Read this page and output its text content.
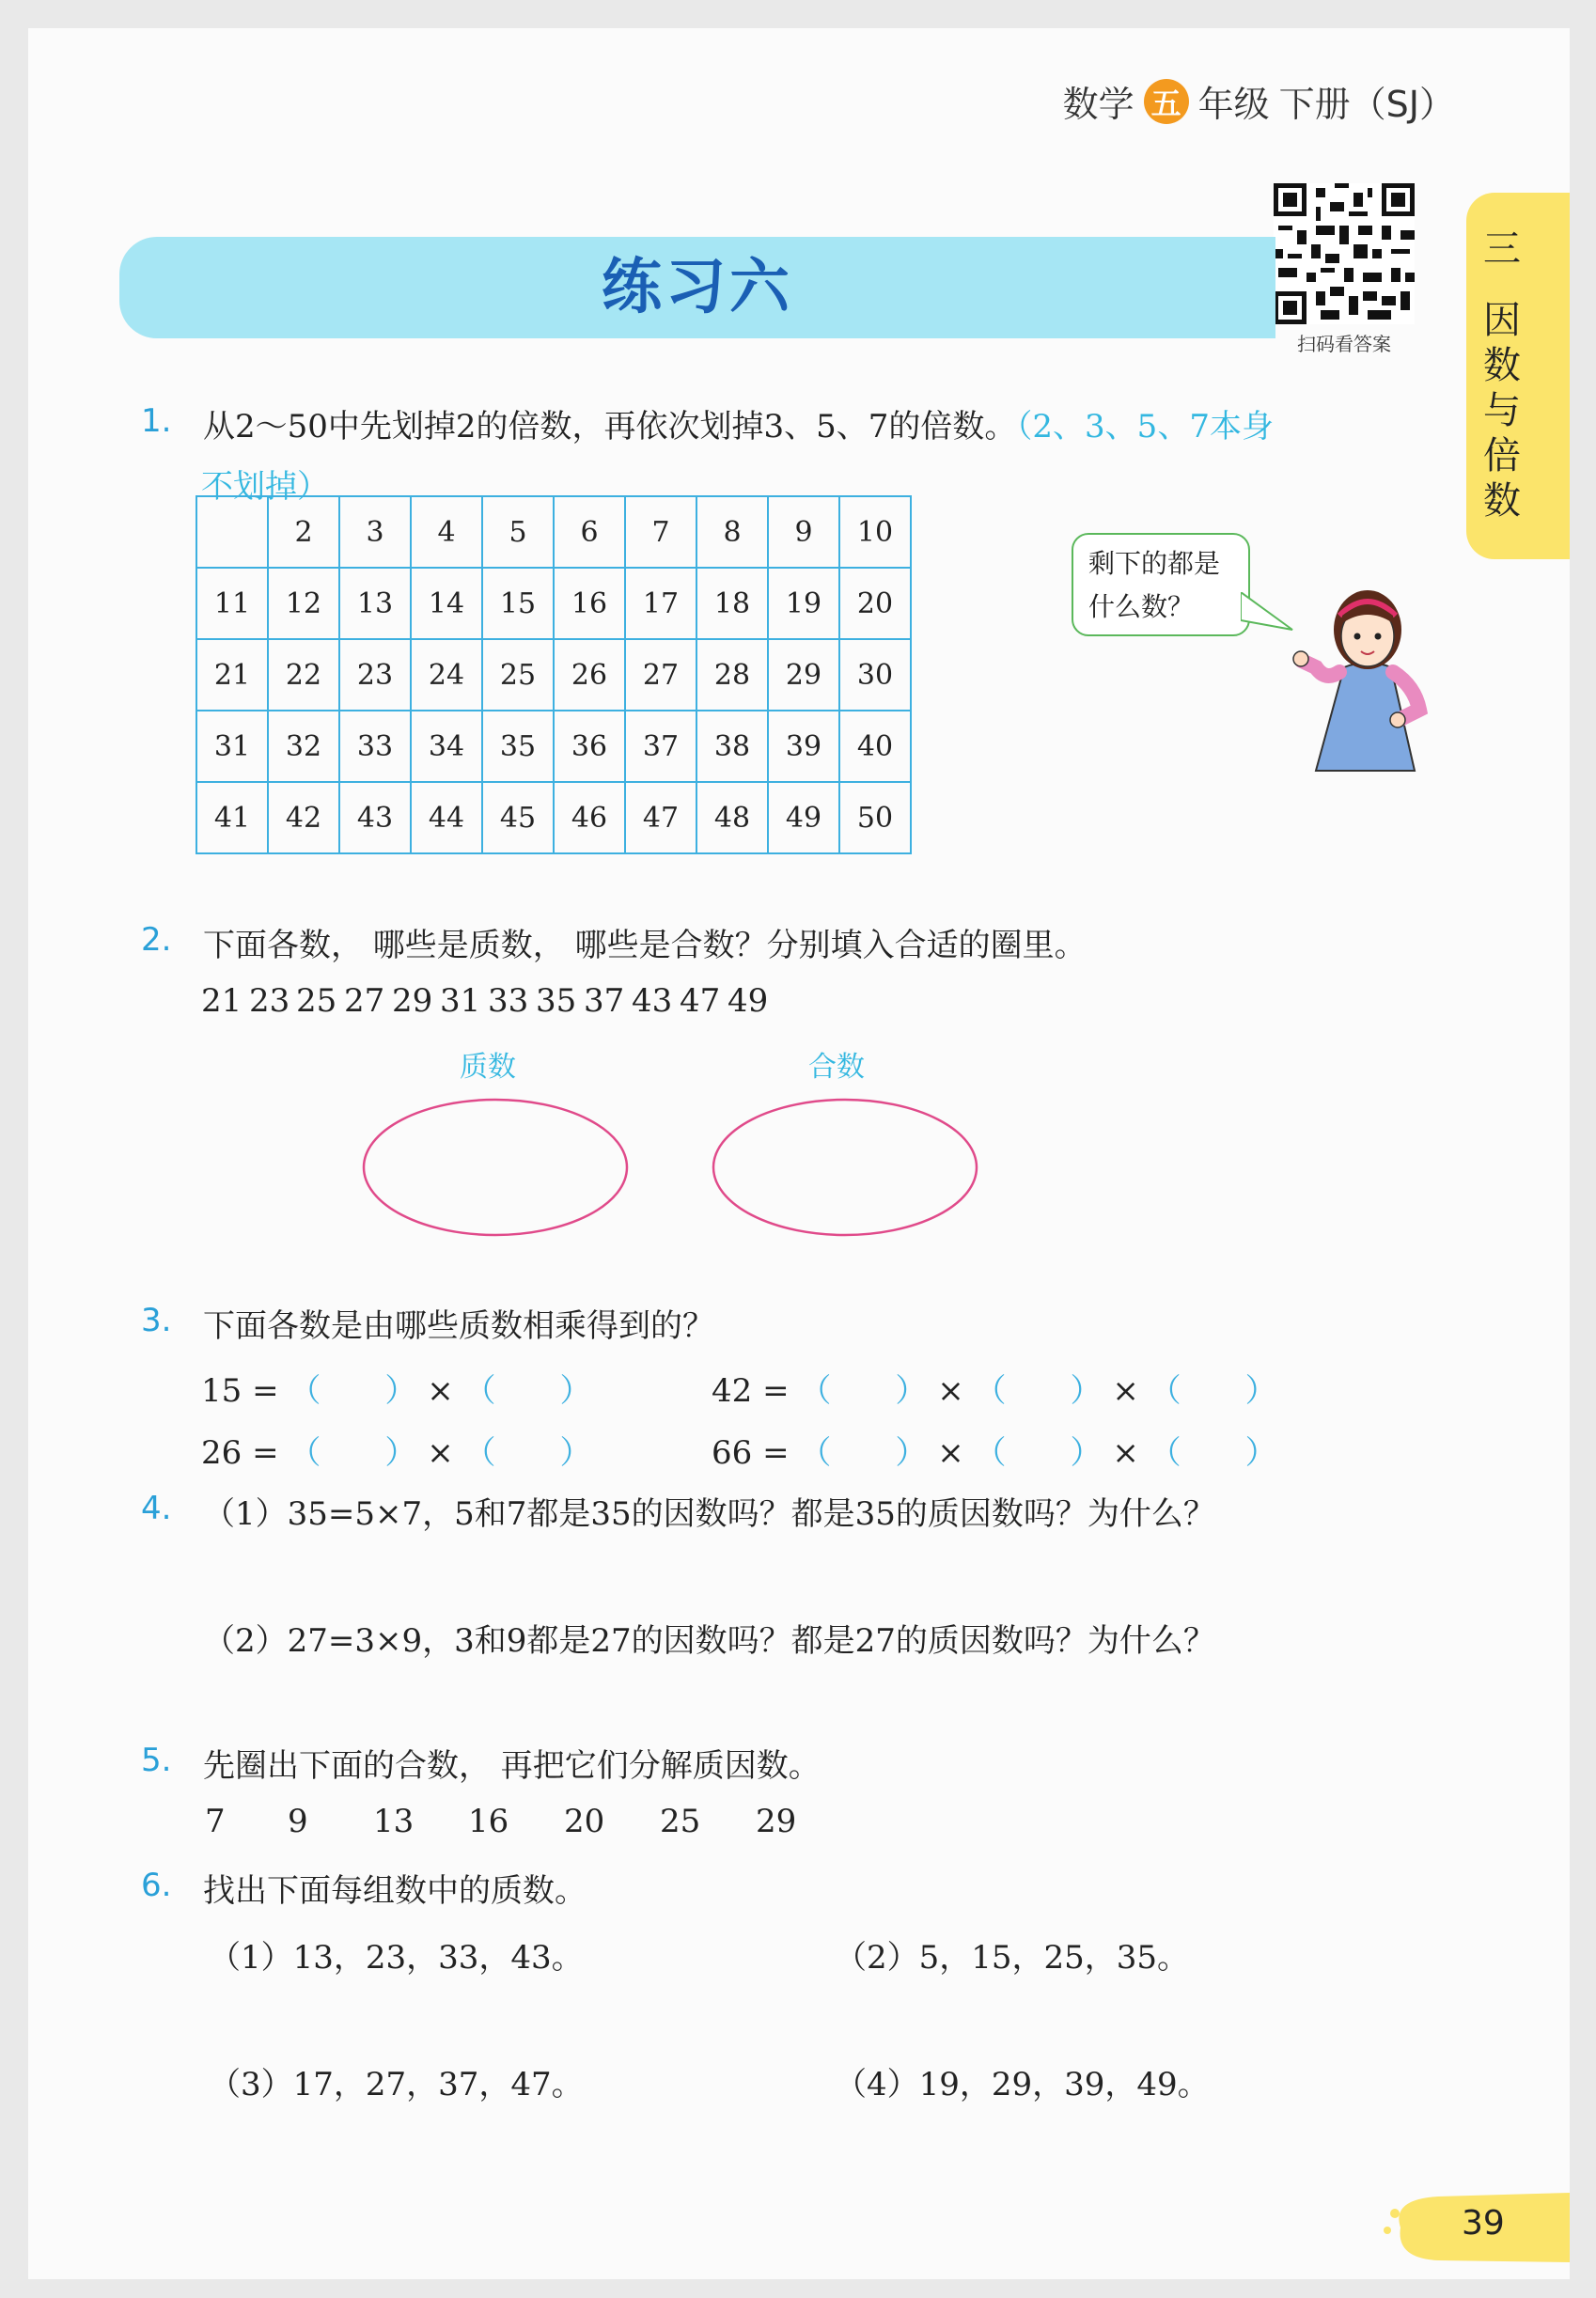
数学 五 年级 下册（SJ）
三
因数与倍数
扫码看答案
练习六
1. 从2～50中先划掉2的倍数，再依次划掉3、5、7的倍数。（2、3、5、7本身
不划掉）
	2	3	4	5	6	7	8	9	10
11	12	13	14	15	16	17	18	19	20
21	22	23	24	25	26	27	28	29	30
31	32	33	34	35	36	37	38	39	40
41	42	43	44	45	46	47	48	49	50
剩下的都是
什么数？
2. 下面各数， 哪些是质数， 哪些是合数？分别填入合适的圈里。
21 23 25 27 29 31 33 35 37 43 47 49
质数	合数
3. 下面各数是由哪些质数相乘得到的？
15 = （　　） × （　　）	42 = （　　） × （　　） × （　　）
26 = （　　） × （　　）	66 = （　　） × （　　） × （　　）
4. （1）35=5×7，5和7都是35的因数吗？都是35的质因数吗？为什么？
（2）27=3×9，3和9都是27的因数吗？都是27的质因数吗？为什么？
5. 先圈出下面的合数， 再把它们分解质因数。
7 9 13 16 20 25 29
6. 找出下面每组数中的质数。
（1）13，23，33，43。	（2）5，15，25，35。
（3）17，27，37，47。	（4）19，29，39，49。
39
